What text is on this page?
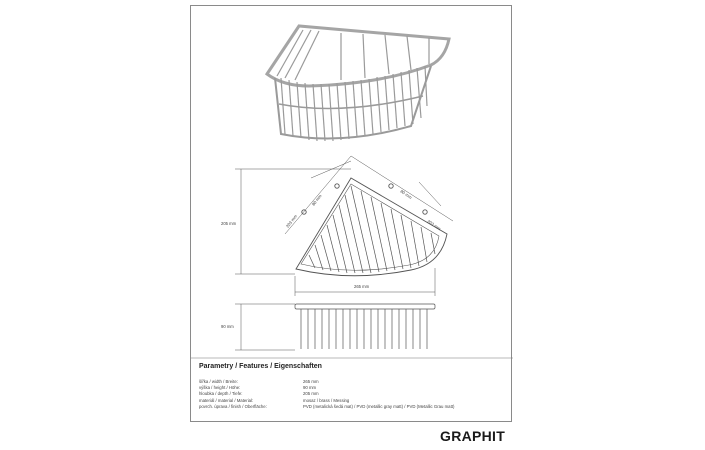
205 mm
265 mm
80 mm	80 mm
203 mm	203 mm
90 mm
Parametry / Features / Eigenschaften
šířka / width / Breite:	265 mm
výška / height / Höhe:	90 mm
hloubka / depth / Tiefe:	205 mm
materiál / material / Material:	mosaz / brass / Messing
povrch. úprava / finish / Oberfläche:	PVD (metalická šedá mat) / PVD (metallic gray matt) / PVD (Metallic Grau matt)
GRAPHIT
